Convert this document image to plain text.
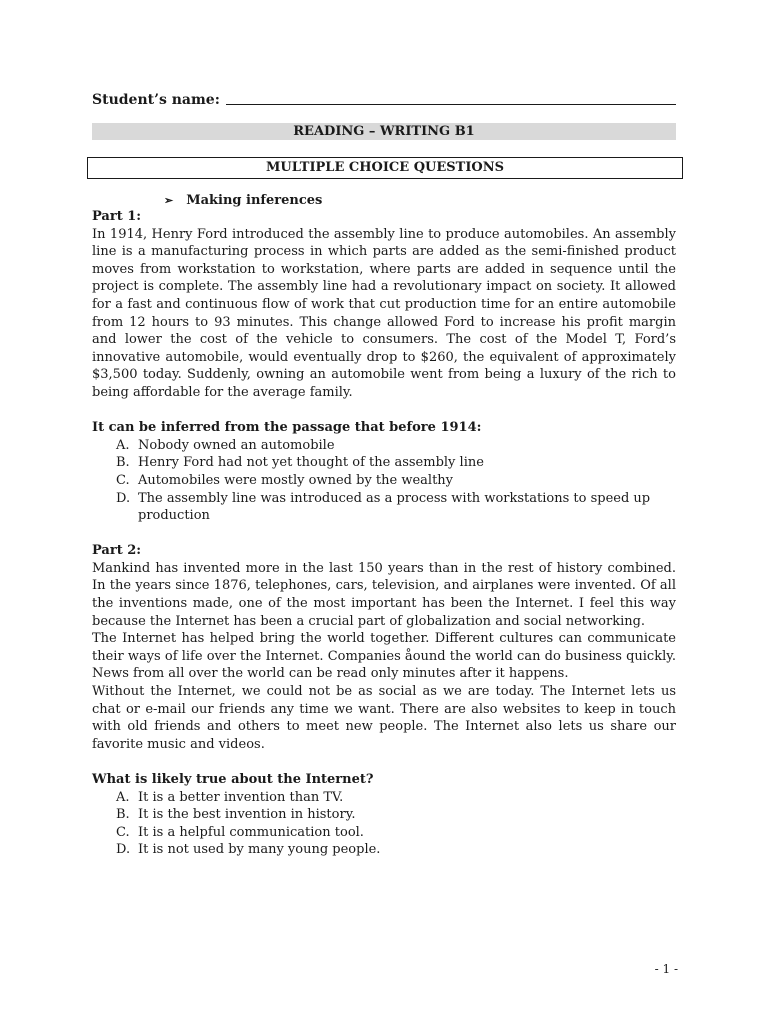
Student’s name:
READING – WRITING B1
MULTIPLE CHOICE QUESTIONS
➢ Making inferences
Part 1:

In 1914, Henry Ford introduced the assembly line to produce automobiles. An assembly line is a manufacturing process in which parts are added as the semi-finished product moves from workstation to workstation, where parts are added in sequence until the project is complete. The assembly line had a revolutionary impact on society. It allowed for a fast and continuous flow of work that cut production time for an entire automobile from 12 hours to 93 minutes. This change allowed Ford to increase his profit margin and lower the cost of the vehicle to consumers. The cost of the Model T, Ford’s innovative automobile, would eventually drop to $260, the equivalent of approximately $3,500 today. Suddenly, owning an automobile went from being a luxury of the rich to being affordable for the average family.

It can be inferred from the passage that before 1914:
A. Nobody owned an automobile
B. Henry Ford had not yet thought of the assembly line
C. Automobiles were mostly owned by the wealthy
D. The assembly line was introduced as a process with workstations to speed up production
Part 2:

Mankind has invented more in the last 150 years than in the rest of history combined. In the years since 1876, telephones, cars, television, and airplanes were invented. Of all the inventions made, one of the most important has been the Internet. I feel this way because the Internet has been a crucial part of globalization and social networking.

The Internet has helped bring the world together. Different cultures can communicate their ways of life over the Internet. Companies åound the world can do business quickly. News from all over the world can be read only minutes after it happens.

Without the Internet, we could not be as social as we are today. The Internet lets us chat or e-mail our friends any time we want. There are also websites to keep in touch with old friends and others to meet new people. The Internet also lets us share our favorite music and videos.

What is likely true about the Internet?
A. It is a better invention than TV.
B. It is the best invention in history.
C. It is a helpful communication tool.
D. It is not used by many young people.
- 1 -
